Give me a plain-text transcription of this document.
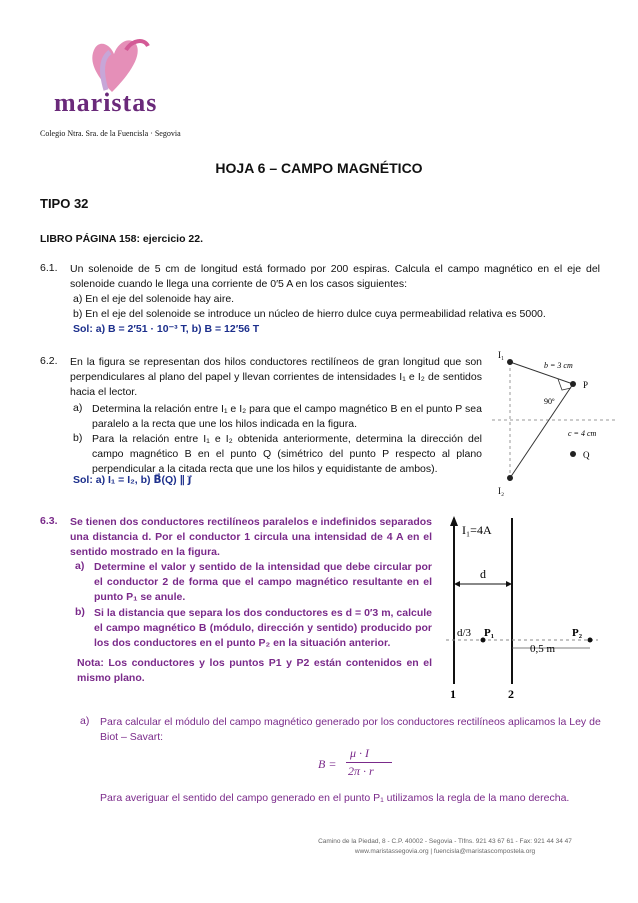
maristas
Colegio Ntra. Sra. de la Fuencisla · Segovia
HOJA 6 – CAMPO MAGNÉTICO
TIPO 32
LIBRO PÁGINA 158: ejercicio 22.
6.1. Un solenoide de 5 cm de longitud está formado por 200 espiras. Calcula el campo magnético en el eje del solenoide cuando le llega una corriente de 0′5 A en los casos siguientes:
a) En el eje del solenoide hay aire.
b) En el eje del solenoide se introduce un núcleo de hierro dulce cuya permeabilidad relativa es 5000.
Sol: a) B = 2′51 · 10⁻³ T, b) B = 12′56 T
6.2. En la figura se representan dos hilos conductores rectilíneos de gran longitud que son perpendiculares al plano del papel y llevan corrientes de intensidades I₁ e I₂ de sentidos hacia el lector.
a) Determina la relación entre I₁ e I₂ para que el campo magnético B en el punto P sea paralelo a la recta que une los hilos indicada en la figura.
b) Para la relación entre I₁ e I₂ obtenida anteriormente, determina la dirección del campo magnético B en el punto Q (simétrico del punto P respecto al plano perpendicular a la citada recta que une los hilos y equidistante de ambos).
Sol: a) I₁ = I₂, b) B⃗(Q) ∥ j⃗
I₁
I₂
b = 3 cm
90º
c = 4 cm
P
Q
6.3. Se tienen dos conductores rectilíneos paralelos e indefinidos separados una distancia d. Por el conductor 1 circula una intensidad de 4 A en el sentido mostrado en la figura.
a) Determine el valor y sentido de la intensidad que debe circular por el conductor 2 de forma que el campo magnético resultante en el punto P₁ se anule.
b) Si la distancia que separa los dos conductores es d = 0′3 m, calcule el campo magnético B (módulo, dirección y sentido) producido por los dos conductores en el punto P₂ en la situación anterior.
Nota: Los conductores y los puntos P1 y P2 están contenidos en el mismo plano.
I₁=4A
d
d/3 P₁	P₂
0,5 m
1	2
a) Para calcular el módulo del campo magnético generado por los conductores rectilíneos aplicamos la Ley de Biot – Savart:
B =
μ · I
2π · r
Para averiguar el sentido del campo generado en el punto P₁ utilizamos la regla de la mano derecha.
Camino de la Piedad, 8 - C.P. 40002 - Segovia - Tlfns. 921 43 67 61 - Fax: 921 44 34 47
www.maristassegovia.org | fuencisla@maristascompostela.org
